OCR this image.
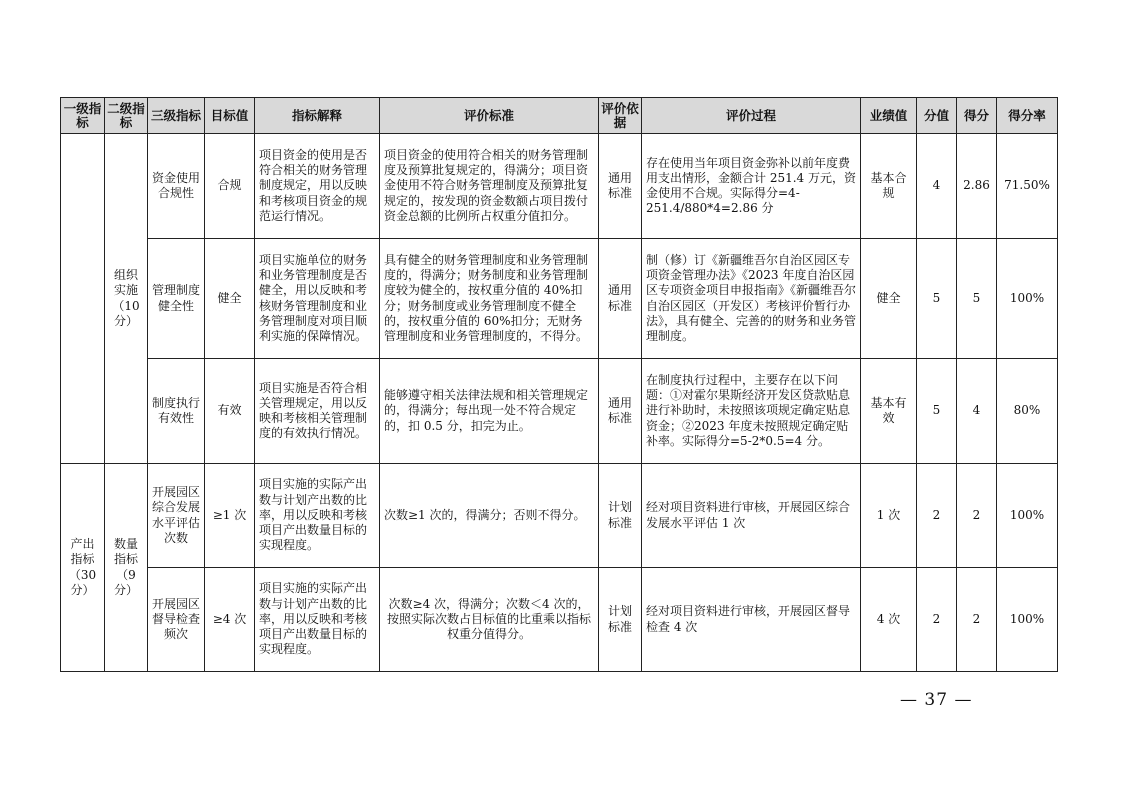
一级指标	二级指标	三级指标	目标值	指标解释	评价标准	评价依据	评价过程	业绩值	分值	得分	得分率
	组织实施（10分）	资金使用合规性	合规	项目资金的使用是否符合相关的财务管理制度规定，用以反映和考核项目资金的规范运行情况。	项目资金的使用符合相关的财务管理制度及预算批复规定的，得满分；项目资金使用不符合财务管理制度及预算批复规定的，按发现的资金数额占项目拨付资金总额的比例所占权重分值扣分。	通用标准	存在使用当年项目资金弥补以前年度费用支出情形，金额合计 251.4 万元，资金使用不合规。实际得分=4-251.4/880*4=2.86 分	基本合规	4	2.86	71.50%
		管理制度健全性	健全	项目实施单位的财务和业务管理制度是否健全，用以反映和考核财务管理制度和业务管理制度对项目顺利实施的保障情况。	具有健全的财务管理制度和业务管理制度的，得满分；财务制度和业务管理制度较为健全的，按权重分值的 40%扣分；财务制度或业务管理制度不健全的，按权重分值的 60%扣分；无财务管理制度和业务管理制度的，不得分。	通用标准	制（修）订《新疆维吾尔自治区园区专项资金管理办法》《2023 年度自治区园区专项资金项目申报指南》《新疆维吾尔自治区园区（开发区）考核评价暂行办法》，具有健全、完善的的财务和业务管理制度。	健全	5	5	100%
		制度执行有效性	有效	项目实施是否符合相关管理规定，用以反映和考核相关管理制度的有效执行情况。	能够遵守相关法律法规和相关管理规定的，得满分；每出现一处不符合规定的，扣 0.5 分，扣完为止。	通用标准	在制度执行过程中，主要存在以下问题：①对霍尔果斯经济开发区贷款贴息进行补助时，未按照该项规定确定贴息资金；②2023 年度未按照规定确定贴补率。实际得分=5-2*0.5=4 分。	基本有效	5	4	80%
产出指标（30分）	数量指标（9分）	开展园区综合发展水平评估次数	≥1 次	项目实施的实际产出数与计划产出数的比率，用以反映和考核项目产出数量目标的实现程度。	次数≥1 次的，得满分；否则不得分。	计划标准	经对项目资料进行审核，开展园区综合发展水平评估 1 次	1 次	2	2	100%
		开展园区督导检查频次	≥4 次	项目实施的实际产出数与计划产出数的比率，用以反映和考核项目产出数量目标的实现程度。	次数≥4 次，得满分；次数＜4 次的，按照实际次数占目标值的比重乘以指标权重分值得分。	计划标准	经对项目资料进行审核，开展园区督导检查 4 次	4 次	2	2	100%
— 37 —
